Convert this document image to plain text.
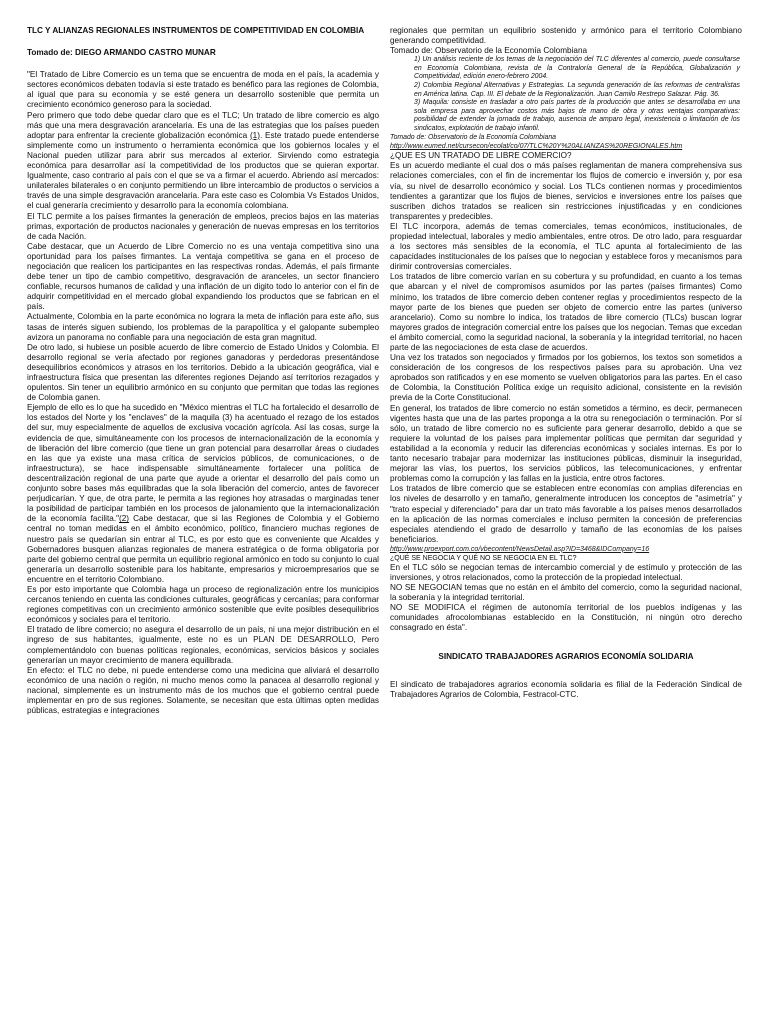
TLC Y ALIANZAS REGIONALES INSTRUMENTOS DE COMPETITIVIDAD EN COLOMBIA

Tomado de: DIEGO ARMANDO CASTRO MUNAR

"El Tratado de Libre Comercio es un tema que se encuentra de moda en el país, la academia y sectores económicos debaten todavía si este tratado es benéfico para las regiones de Colombia, al igual que para su economía y se esté genera un desarrollo sostenible que permita un crecimiento económico generoso para la sociedad.

Pero primero que todo debe quedar claro que es el TLC; Un tratado de libre comercio es algo más que una mera desgravación arancelaria. Es una de las estrategias que los países pueden adoptar para enfrentar la creciente globalización económica (1). Este tratado puede entenderse simplemente como un instrumento o herramienta económica que los gobiernos locales y el Nacional pueden utilizar para abrir sus mercados al exterior. Sirviendo como estrategia económica para desarrollar así la competitividad de los productos que se quieran exportar. Igualmente, caso contrario al país con el que se va a firmar el acuerdo. Abriendo así mercados: unilaterales bilaterales o en conjunto permitiendo un libre intercambio de productos o servicios a través de una simple desgravación arancelaria. Para este caso es Colombia Vs Estados Unidos, el cual generaría crecimiento y desarrollo para la economía colombiana.

El TLC permite a los países firmantes la generación de empleos, precios bajos en las materias primas, exportación de productos nacionales y generación de nuevas empresas en los territorios de cada Nación.

Cabe destacar, que un Acuerdo de Libre Comercio no es una ventaja competitiva sino una oportunidad para los países firmantes. La ventaja competitiva se gana en el proceso de negociación que realicen los participantes en las respectivas rondas. Además, el país firmante debe tener un tipo de cambio competitivo, desgravación de aranceles, un sector financiero confiable, recursos humanos de calidad y una inflación de un digito todo lo anterior con el fin de adquirir competitividad en el mercado global expandiendo los productos que se fabrican en el país.

Actualmente, Colombia en la parte económica no lograra la meta de inflación para este año, sus tasas de interés siguen subiendo, los problemas de la parapolítica y el galopante subempleo avizora un panorama no confiable para una negociación de esta gran magnitud.

De otro lado, si hubiese un posible acuerdo de libre comercio de Estado Unidos y Colombia. El desarrollo regional se vería afectado por regiones ganadoras y perdedoras presentándose desequilibrios económicos y atrasos en los territorios. Debido a la ubicación geográfica, vial e infraestructura física que presentan las diferentes regiones Dejando así territorios rezagados y opulentos. Sin tener un equilibrio armónico en su conjunto que permitan que todas las regiones de Colombia ganen.

Ejemplo de ello es lo que ha sucedido en "México mientras el TLC ha fortalecido el desarrollo de los estados del Norte y los "enclaves" de la maquila (3) ha acentuado el rezago de los estados del sur, muy especialmente de aquellos de exclusiva vocación agrícola. Así las cosas, surge la evidencia de que, simultáneamente con los procesos de internacionalización de la economía y de liberación del libre comercio (que tiene un gran potencial para desarrollar áreas o ciudades en las que ya existe una masa crítica de servicios públicos, de comunicaciones, o de infraestructura), se hace indispensable simultáneamente fortalecer una política de descentralización regional de una parte que ayude a orientar el desarrollo del país como un conjunto sobre bases más equilibradas que la sola liberación del comercio, antes de favorecer perjudicarían. Y que, de otra parte, le permita a las regiones hoy atrasadas o marginadas tener la posibilidad de participar también en los procesos de jalonamiento que la internacionalización de la economía facilita."(2) Cabe destacar, que si las Regiones de Colombia y el Gobierno central no toman medidas en el ámbito económico, político, financiero muchas regiones de nuestro país se quedarían sin entrar al TLC, es por esto que es conveniente que Alcaldes y Gobernadores busquen alianzas regionales de manera estratégica o de forma obligatoria por parte del gobierno central que permita un equilibrio regional armónico en todo su conjunto lo cual generaría un desarrollo sostenible para los habitante, empresarios y microempresarios que se encuentre en el territorio Colombiano.

Es por esto importante que Colombia haga un proceso de regionalización entre los municipios cercanos teniendo en cuenta las condiciones culturales, geográficas y cercanías; para conformar regiones competitivas con un crecimiento armónico sostenible que evite posibles desequilibrios económicos y sociales para el territorio.

El tratado de libre comercio; no asegura el desarrollo de un país, ni una mejor distribución en el ingreso de sus habitantes, igualmente, este no es un PLAN DE DESARROLLO, Pero complementándolo con buenas políticas regionales, económicas, servicios básicos y sociales generarían un mayor crecimiento de manera equilibrada.

En efecto: el TLC no debe, ni puede entenderse como una medicina que aliviará el desarrollo económico de una nación o región, ni mucho menos como la panacea al desarrollo regional y nacional, simplemente es un instrumento más de los muchos que el gobierno central puede implementar en pro de sus regiones. Solamente, se necesitan que esta últimas opten medidas públicas, estrategias e integraciones

regionales que permitan un equilibrio sostenido y armónico para el territorio Colombiano generando competitividad.

Tomado de: Observatorio de la Economía Colombiana

1) Un análisis reciente de los temas de la negociación del TLC diferentes al comercio, puede consultarse en Economía Colombiana, revista de la Contraloría General de la República, Globalización y Competitividad, edición enero-febrero 2004.

2) Colombia Regional Alternativas y Estrategias. La segunda generación de las reformas de centralistas en América latina. Cap. III. El debate de la Regionalización. Juan Camilo Restrepo Salazar. Pág. 36.

3) Maquila: consiste en trasladar a otro país partes de la producción que antes se desarrollaba en una sola empresa para aprovechar costos más bajos de mano de obra y otras ventajas comparativas: posibilidad de extender la jornada de trabajo, ausencia de amparo legal, inexistencia o limitación de los sindicatos, explotación de trabajo infantil.

Tomado de: Observatorio de la Economía Colombiana

http://www.eumed.net/cursecon/ecolat/co/07/TLC%20Y%20ALIANZAS%20REGIONALES.htm

¿QUE ES UN TRATADO DE LIBRE COMERCIO?

Es un acuerdo mediante el cual dos o más países reglamentan de manera comprehensiva sus relaciones comerciales, con el fin de incrementar los flujos de comercio e inversión y, por esa vía, su nivel de desarrollo económico y social. Los TLCs contienen normas y procedimientos tendientes a garantizar que los flujos de bienes, servicios e inversiones entre los países que suscriben dichos tratados se realicen sin restricciones injustificadas y en condiciones transparentes y predecibles.

El TLC incorpora, además de temas comerciales, temas económicos, institucionales, de propiedad intelectual, laborales y medio ambientales, entre otros. De otro lado, para resguardar a los sectores más sensibles de la economía, el TLC apunta al fortalecimiento de las capacidades institucionales de los países que lo negocian y establece foros y mecanismos para dirimir controversias comerciales.

Los tratados de libre comercio varían en su cobertura y su profundidad, en cuanto a los temas que abarcan y el nivel de compromisos asumidos por las partes (países firmantes) Como mínimo, los tratados de libre comercio deben contener reglas y procedimientos respecto de la mayor parte de los bienes que pueden ser objeto de comercio entre las partes (universo arancelario). Como su nombre lo indica, los tratados de libre comercio (TLCs) buscan lograr mayores grados de integración comercial entre los países que los negocian. Temas que excedan el ámbito comercial, como la seguridad nacional, la soberanía y la integridad territorial, no hacen parte de las negociaciones de esta clase de acuerdos.

Una vez los tratados son negociados y firmados por los gobiernos, los textos son sometidos a consideración de los congresos de los respectivos países para su aprobación. Una vez aprobados son ratificados y en ese momento se vuelven obligatorios para las partes. En el caso de Colombia, la Constitución Política exige un requisito adicional, consistente en la revisión previa de la Corte Constitucional.

En general, los tratados de libre comercio no están sometidos a término, es decir, permanecen vigentes hasta que una de las partes proponga a la otra su renegociación o terminación. Por sí sólo, un tratado de libre comercio no es suficiente para generar desarrollo, debido a que se requiere la voluntad de los países para implementar políticas que permitan dar seguridad y estabilidad a la economía y reducir las diferencias económicas y sociales internas. Es por lo tanto necesario trabajar para modernizar las instituciones públicas, disminuir la inseguridad, mejorar las vías, los puertos, los servicios públicos, las telecomunicaciones, y enfrentar problemas como la corrupción y las fallas en la justicia, entre otros factores.

Los tratados de libre comercio que se establecen entre economías con amplias diferencias en los niveles de desarrollo y en tamaño, generalmente introducen los conceptos de "asimetría" y "trato especial y diferenciado" para dar un trato más favorable a los países menos desarrollados en la aplicación de las normas comerciales e incluso permiten la concesión de preferencias especiales atendiendo el grado de desarrollo y tamaño de las economías de los países beneficiarios.

http://www.proexport.com.co/vbecontent/NewsDetail.asp?ID=3468&IDCompany=16

¿QUÉ SE NEGOCIA Y QUÉ NO SE NEGOCIA EN EL TLC?

En el TLC sólo se negocian temas de intercambio comercial y de estímulo y protección de las inversiones, y otros relacionados, como la protección de la propiedad intelectual.

NO SE NEGOCIAN temas que no están en el ámbito del comercio, como la seguridad nacional, la soberanía y la integridad territorial.

NO SE MODIFICA el régimen de autonomía territorial de los pueblos indígenas y las comunidades afrocolombianas establecido en la Constitución, ni ningún otro derecho consagrado en ésta".

SINDICATO TRABAJADORES AGRARIOS ECONOMÍA SOLIDARIA

El sindicato de trabajadores agrarios economía solidaria es filial de la Federación Sindical de Trabajadores Agrarios de Colombia, Festracol-CTC.
